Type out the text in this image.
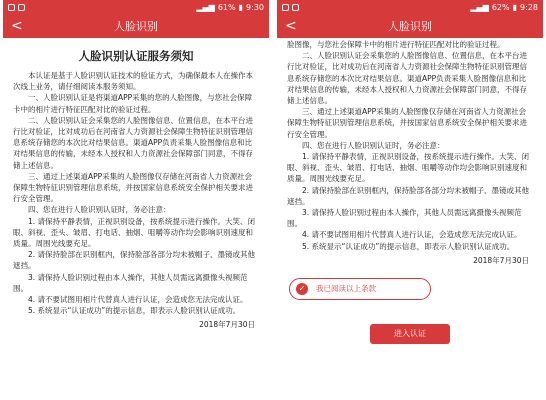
▂▄▆ 61% ▮ 9:30
<	人脸识别
人脸识别认证服务须知

本认证是基于人脸识别认证技术的验证方式，为确保最本人在操作本次线上业务，请仔细阅读本服务须知。

一、人脸识别认证是将渠道APP采集的您的人脸图像，与您社会保障卡中的相片进行特征匹配对比的验证过程。

二、人脸识别认证会采集您的人脸图像信息、位置信息，在本平台进行比对验证，比对成功后在河南省人力资源社会保障生物特征识别管理信息系统存储您的本次比对结果信息。渠道APP负责采集人脸图像信息和比对结果信息的传输，未经本人授权和人力资源社会保障部门同意，不得存储上述信息。

三、通过上述渠道APP采集的人脸图像仅存储在河南省人力资源社会保障生物特征识别管理信息系统，并按国家信息系统安全保护相关要求进行安全管理。

四、您在进行人脸识别认证时，务必注意：

1. 请保持平静表情，正视识别设备，按系统提示进行操作。大笑、闭眼、斜视、歪头、皱眉、打电话、抽烟、咀嚼等动作均会影响识别速度和质量。周围光线要充足。

2. 请保持脸部在识别框内，保持脸部各部分均未被帽子、墨镜或其他遮挡。

3. 请保持人脸识别过程由本人操作，其他人员需远离摄像头视频范围。

4. 请不要试图用相片代替真人进行认证，会造成您无法完成认证。

5. 系统显示“认证成功”的提示信息，即表示人脸识别认证成功。

2018年7月30日
▂▄▆ 62% ▮ 9:28
<	人脸识别

脸图像，与您社会保障卡中的相片进行特征匹配对比的验证过程。

二、人脸识别认证会采集您的人脸图像信息、位置信息，在本平台进行比对验证，比对成功后在河南省人力资源社会保障生物特征识别管理信息系统存储您的本次比对结果信息。渠道APP负责采集人脸图像信息和比对结果信息的传输，未经本人授权和人力资源社会保障部门同意，不得存储上述信息。

三、通过上述渠道APP采集的人脸图像仅存储在河南省人力资源社会保障生物特征识别管理信息系统，并按国家信息系统安全保护相关要求进行安全管理。

四、您在进行人脸识别认证时，务必注意：

1. 请保持平静表情，正视识别设备，按系统提示进行操作。大笑、闭眼、斜视、歪头、皱眉、打电话、抽烟、咀嚼等动作均会影响识别速度和质量。周围光线要充足。

2. 请保持脸部在识别框内，保持脸部各部分均未被帽子、墨镜或其他遮挡。

3. 请保持人脸识别过程由本人操作，其他人员需远离摄像头视频范围。

4. 请不要试图用相片代替真人进行认证，会造成您无法完成认证。

5. 系统显示“认证成功”的提示信息，即表示人脸识别认证成功。

2018年7月30日
✓	我已阅读以上条款
进入认证
